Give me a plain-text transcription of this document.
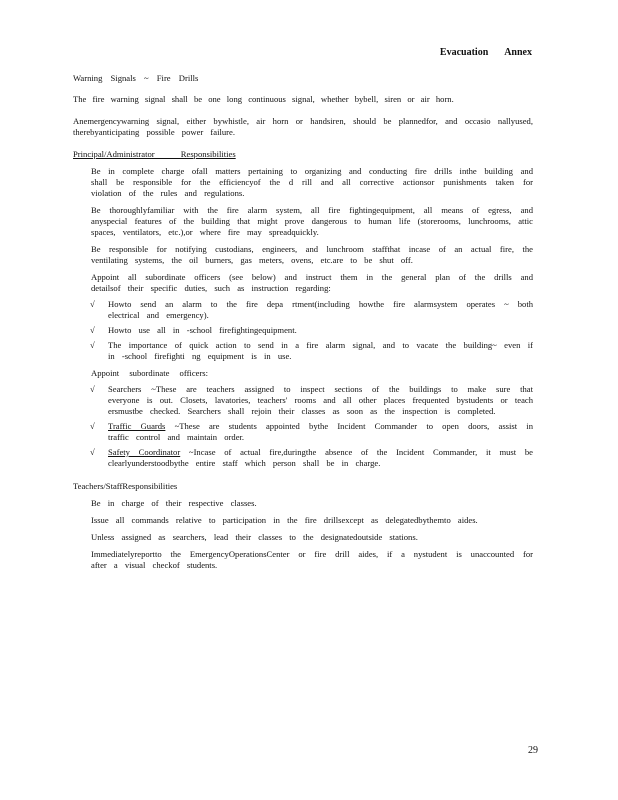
Evacuation Annex

Warning Signals ~ Fire Drills

The fire warning signal shall be one long continuous signal, whether bybell, siren or air horn.

Anemergencywarning signal, either bywhistle, air horn or handsiren, should be plannedfor, and occasio nallyused, therebyanticipating possible power failure.

Principal/Administrator Responsibilities

Be in complete charge ofall matters pertaining to organizing and conducting fire drills inthe building and shall be responsible for the efficiencyof the d rill and all corrective actionsor punishments taken for violation of the rules and regulations.
Be thoroughlyfamiliar with the fire alarm system, all fire fightingequipment, all means of egress, and anyspecial features of the building that might prove dangerous to human life (storerooms, lunchrooms, attic spaces, ventilators, etc.),or where fire may spreadquickly.
Be responsible for notifying custodians, engineers, and lunchroom staffthat incase of an actual fire, the ventilating systems, the oil burners, gas meters, ovens, etc.are to be shut off.
Appoint all subordinate officers (see below) and instruct them in the general plan of the drills and detailsof their specific duties, such as instruction regarding:
√	Howto send an alarm to the fire depa rtment(including howthe fire alarmsystem operates ~ both electrical and emergency).
√	Howto use all in -school firefightingequipment.
√	The importance of quick action to send in a fire alarm signal, and to vacate the building~ even if in -school firefighti ng equipment is in use.
Appoint subordinate officers:
√	Searchers ~These are teachers assigned to inspect sections of the buildings to make sure that everyone is out. Closets, lavatories, teachers' rooms and all other places frequented bystudents or teach ersmustbe checked. Searchers shall rejoin their classes as soon as the inspection is completed.
√	Traffic Guards ~These are students appointed bythe Incident Commander to open doors, assist in traffic control and maintain order.
√	Safety Coordinator ~Incase of actual fire,duringthe absence of the Incident Commander, it must be clearlyunderstoodbythe entire staff which person shall be in charge.

Teachers/StaffResponsibilities

Be in charge of their respective classes.
Issue all commands relative to participation in the fire drillsexcept as delegatedbythemto aides.
Unless assigned as searchers, lead their classes to the designatedoutside stations.
Immediatelyreportto the EmergencyOperationsCenter or fire drill aides, if a nystudent is unaccounted for after a visual checkof students.
29
